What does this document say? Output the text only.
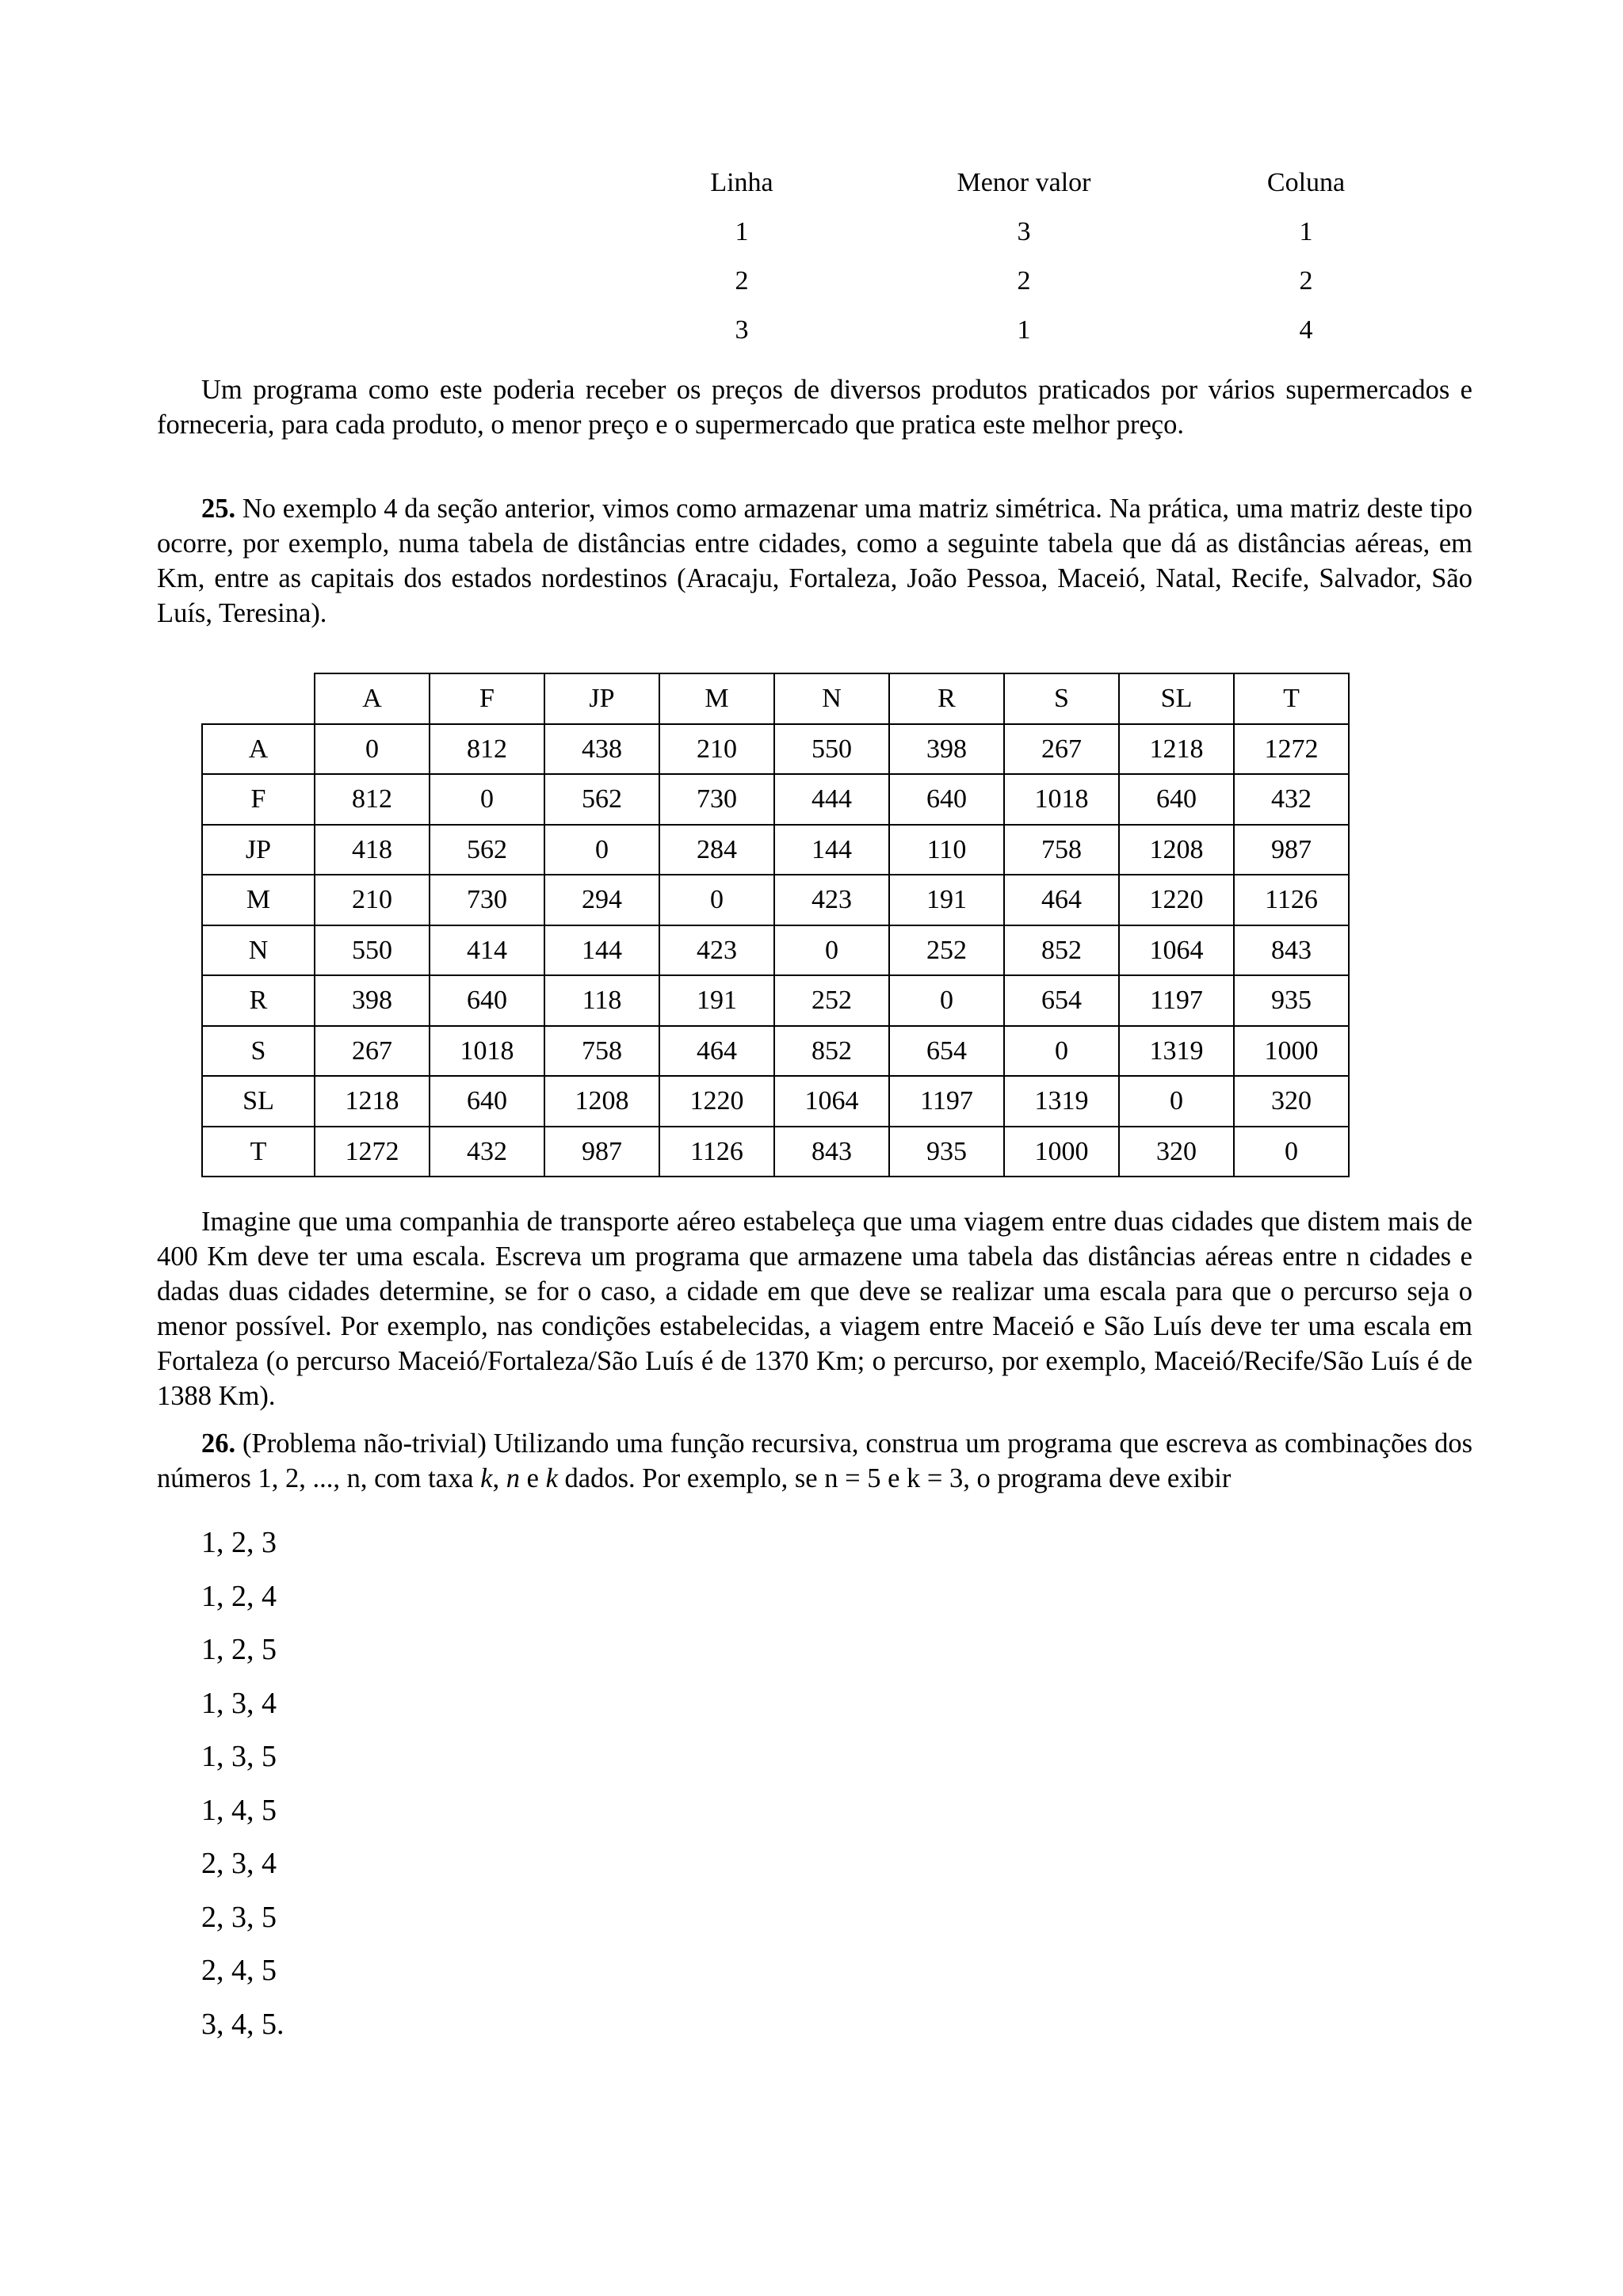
Linha	Menor valor	Coluna
1	3	1
2	2	2
3	1	4

Um programa como este poderia receber os preços de diversos produtos praticados por vários supermercados e forneceria, para cada produto, o menor preço e o supermercado que pratica este melhor preço.

25. No exemplo 4 da seção anterior, vimos como armazenar uma matriz simétrica. Na prática, uma matriz deste tipo ocorre, por exemplo, numa tabela de distâncias entre cidades, como a seguinte tabela que dá as distâncias aéreas, em Km, entre as capitais dos estados nordestinos (Aracaju, Fortaleza, João Pessoa, Maceió, Natal, Recife, Salvador, São Luís, Teresina).

	A	F	JP	M	N	R	S	SL	T
A	0	812	438	210	550	398	267	1218	1272
F	812	0	562	730	444	640	1018	640	432
JP	418	562	0	284	144	110	758	1208	987
M	210	730	294	0	423	191	464	1220	1126
N	550	414	144	423	0	252	852	1064	843
R	398	640	118	191	252	0	654	1197	935
S	267	1018	758	464	852	654	0	1319	1000
SL	1218	640	1208	1220	1064	1197	1319	0	320
T	1272	432	987	1126	843	935	1000	320	0

Imagine que uma companhia de transporte aéreo estabeleça que uma viagem entre duas cidades que distem mais de 400 Km deve ter uma escala. Escreva um programa que armazene uma tabela das distâncias aéreas entre n cidades e dadas duas cidades determine, se for o caso, a cidade em que deve se realizar uma escala para que o percurso seja o menor possível. Por exemplo, nas condições estabelecidas, a viagem entre Maceió e São Luís deve ter uma escala em Fortaleza (o percurso Maceió/Fortaleza/São Luís é de 1370 Km; o percurso, por exemplo, Maceió/Recife/São Luís é de 1388 Km).

26. (Problema não-trivial) Utilizando uma função recursiva, construa um programa que escreva as combinações dos números 1, 2, ..., n, com taxa k, n e k dados. Por exemplo, se n = 5 e k = 3, o programa deve exibir

1, 2, 3
1, 2, 4
1, 2, 5
1, 3, 4
1, 3, 5
1, 4, 5
2, 3, 4
2, 3, 5
2, 4, 5
3, 4, 5.
